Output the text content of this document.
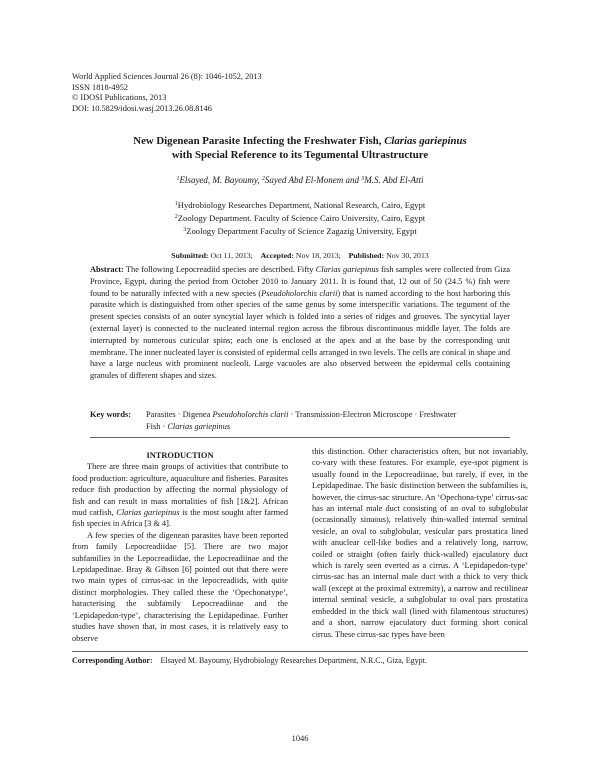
World Applied Sciences Journal 26 (8): 1046-1052, 2013
ISSN 1818-4952
© IDOSI Publications, 2013
DOI: 10.5829/idosi.wasj.2013.26.08.8146
New Digenean Parasite Infecting the Freshwater Fish, Clarias gariepinus
with Special Reference to its Tegumental Ultrastructure
$^1$Elsayed, M. Bayoumy, $^2$Sayed Abd El-Monem and $^3$M.S. Abd El-Atti
$^1$Hydrobiology Researches Department, National Research, Cairo, Egypt
$^2$Zoology Department. Faculty of Science Cairo University, Cairo, Egypt
$^3$Zoology Department Faculty of Science Zagazig University, Egypt
Submitted: Oct 11, 2013; Accepted: Nov 18, 2013; Published: Nov 30, 2013
Abstract: The following Lepocreadiid species are described. Fifty Clarias gariepinus fish samples were collected from Giza Province, Egypt, during the period from October 2010 to January 2011. It is found that, 12 out of 50 (24.5 %) fish were found to be naturally infected with a new species (Pseudoholorchis clarii) that is named according to the host harboring this parasite which is distinguished from other species of the same genus by some interspecific variations. The tegument of the present species consists of an outer syncytial layer which is folded into a series of ridges and grooves. The syncytial layer (external layer) is connected to the nucleated internal region across the fibrous discontinuous middle layer. The folds are interrupted by numerous cuticular spins; each one is enclosed at the apex and at the base by the corresponding unit membrane. The inner nucleated layer is consisted of epidermal cells arranged in two levels. The cells are conical in shape and have a large nucleus with prominent nucleoli. Large vacuoles are also observed between the epidermal cells containing granules of different shapes and sizes.
Key words:	Parasites · Digenea Pseudoholorchis clarii · Transmission-Electron Microscope · Freshwater
Fish · Clarias gariepinus

INTRODUCTION

There are three main groups of activities that contribute to food production: agriculture, aquaculture and fisheries. Parasites reduce fish production by affecting the normal physiology of fish and can result in mass mortalities of fish [1&2]. African mud catfish, Clarias gariepinus is the most sought after farmed fish species in Africa [3 & 4].

A few species of the digenean parasites have been reported from family Lepocreadiidae [5]. There are two major subfamilies in the Lepocreadiidae, the Lepocreadiinae and the Lepidapedinae. Bray & Gibson [6] pointed out that there were two main types of cirrus-sac in the lepocreadiids, with quite distinct morphologies. They called these the ‘Opechonatype’, haracterising the subfamily Lepocreadiinae and the ‘Lepidapedon-type’, characterising the Lepidapedinae. Further studies have shown that, in most cases, it is relatively easy to observe

this distinction. Other characteristics often, but not invariably, co-vary with these features. For example, eye-spot pigment is usually found in the Lepocreadiinae, but rarely, if ever, in the Lepidapedinae. The basic distinction between the subfamilies is, however, the cirrus-sac structure. An ‘Opechona-type’ cirrus-sac has an internal male duct consisting of an oval to subglobular (occasionally sinuous), relatively thin-walled internal seminal vesicle, an oval to subglobular, vesicular pars prostatica lined with anuclear cell-like bodies and a relatively long, narrow, coiled or straight (often fairly thick-walled) ejaculatory duct which is rarely seen everted as a cirrus. A ‘Lepidapedon-type’ cirrus-sac has an internal male duct with a thick to very thick wall (except at the proximal extremity), a narrow and rectilinear internal seminal vesicle, a subglobular to oval pars prostatica embedded in the thick wall (lined with filamentous structures) and a short, narrow ejaculatory duct forming short conical cirrus. These cirrus-sac types have been

Corresponding Author: Elsayed M. Bayoumy, Hydrobiology Researches Department, N.R.C., Giza, Egypt.
1046
